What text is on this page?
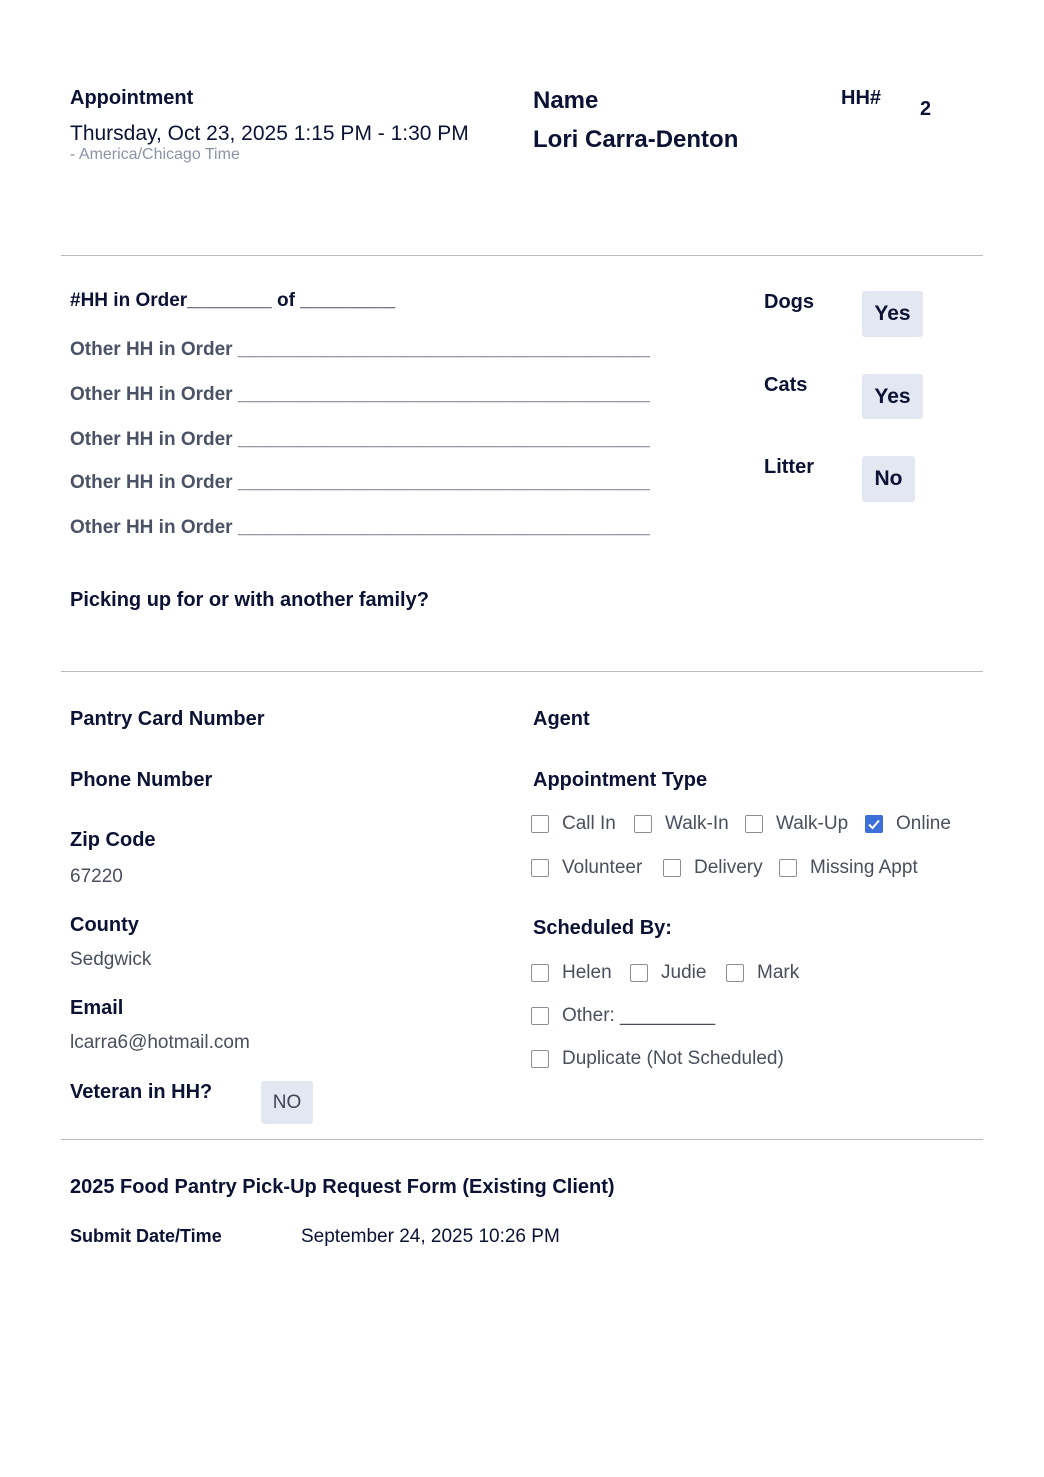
Appointment
Thursday, Oct 23, 2025 1:15 PM - 1:30 PM
- America/Chicago Time
Name
Lori Carra-Denton
HH# 2
#HH in Order________ of _________
Other HH in Order _______________________________________
Other HH in Order _______________________________________
Other HH in Order _______________________________________
Other HH in Order _______________________________________
Other HH in Order _______________________________________
Dogs	Yes
Cats	Yes
Litter	No
Picking up for or with another family?
Pantry Card Number
Phone Number
Zip Code
67220
County
Sedgwick
Email
lcarra6@hotmail.com
Veteran in HH?	NO
Agent
Appointment Type
Call In	Walk-In Walk-Up	Online
Volunteer	Delivery Missing Appt
Scheduled By:
Helen	Judie	Mark
Other: _________
Duplicate (Not Scheduled)
2025 Food Pantry Pick-Up Request Form (Existing Client)
Submit Date/Time	September 24, 2025 10:26 PM
